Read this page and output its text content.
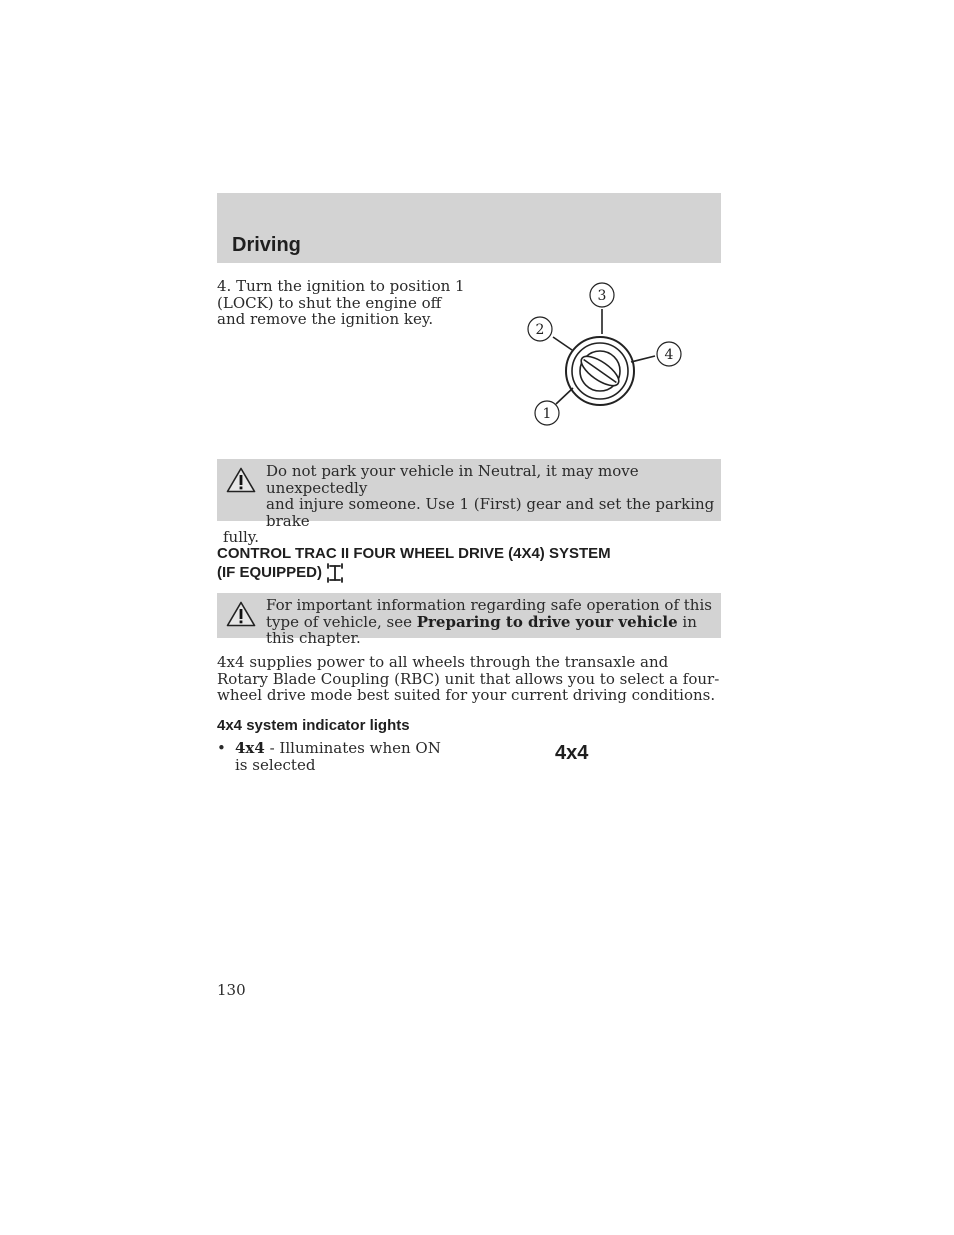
Driving
4. Turn the ignition to position 1 (LOCK) to shut the engine off and remove the ignition key.
3
2
4
1
Do not park your vehicle in Neutral, it may move unexpectedly
and injure someone. Use 1 (First) gear and set the parking brake
fully.
CONTROL TRAC II FOUR WHEEL DRIVE (4X4) SYSTEM
(IF EQUIPPED)
For important information regarding safe operation of this type of vehicle, see Preparing to drive your vehicle in this chapter.
4x4 supplies power to all wheels through the transaxle and Rotary Blade Coupling (RBC) unit that allows you to select a four-wheel drive mode best suited for your current driving conditions.
4x4 system indicator lights
• 4x4 - Illuminates when ON is selected
4x4
130
